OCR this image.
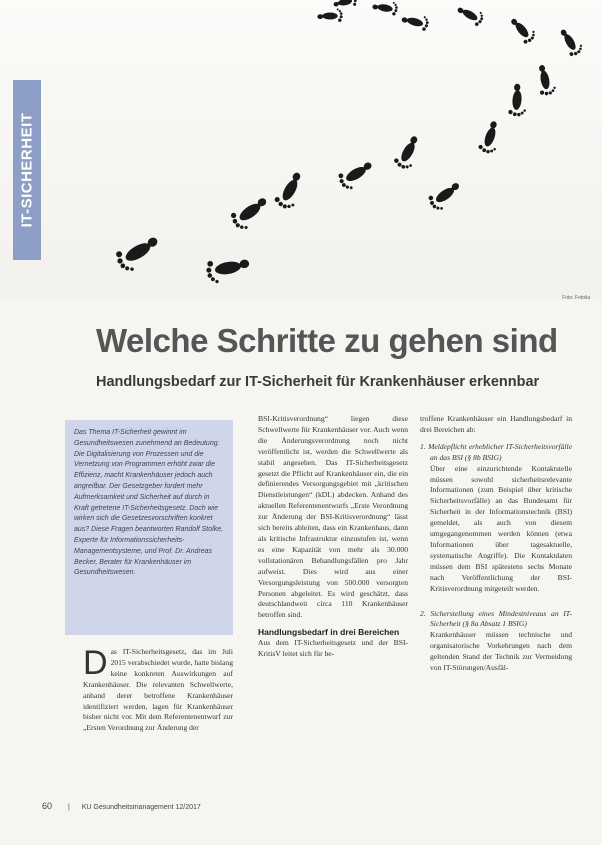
Foto: Fotolia
IT-SICHERHEIT
Welche Schritte zu gehen sind
Handlungsbedarf zur IT-Sicherheit für Krankenhäuser erkennbar
Das Thema IT-Sicherheit gewinnt im Gesundheitswesen zunehmend an Bedeutung. Die Digitalisierung von Prozessen und die Vernetzung von Programmen erhöht zwar die Effizienz, macht Krankenhäuser jedoch auch angreifbar. Der Gesetzgeber fordert mehr Aufmerksamkeit und Sicherheit auf durch in Kraft getretene IT-Sicherheitsgesetz. Doch wie wirken sich die Gesetzesvorschriften konkret aus? Diese Fragen beantworten Randolf Stolke, Experte für Informationssicherheits-Managementsysteme, und Prof. Dr. Andreas Becker, Berater für Krankenhäuser im Gesundheitswesen.
D as IT-Sicherheitsgesetz, das im Juli 2015 verabschiedet wurde, hatte bislang keine konkreten Auswirkungen auf Krankenhäuser. Die relevanten Schwellwerte, anhand derer betroffene Krankenhäuser identifiziert werden, lagen für Krankenhäuser bisher nicht vor. Mit dem Referentenentwurf zur „Ersten Verordnung zur Änderung der
BSI-Kritisverordnung“ liegen diese Schwellwerte für Krankenhäuser vor. Auch wenn die Änderungsverordnung noch nicht veröffentlicht ist, werden die Schwellwerte als stabil angesehen. Das IT-Sicherheitsgesetz gesetzt die Pflicht auf Krankenhäuser ein, die ein definierendes Versorgungsgebiet mit „kritischen Dienstleistungen“ (kDL) abdecken. Anhand des aktuellen Referentenentwurfs „Erste Verordnung zur Änderung der BSI-Kritisverordnung“ lässt sich bereits ableiten, dass ein Krankenhaus, dann als kritische Infrastruktur einzustufen ist, wenn es eine Kapazität von mehr als 30.000 vollstationären Behandlungsfällen pro Jahr aufweist. Dies wird aus einer Versorgungsleistung von 500.000 versorgten Personen abgeleitet. Es wird geschätzt, dass deutschlandweit circa 110 Krankenhäuser betroffen sind.
Handlungsbedarf in drei Bereichen
Aus dem IT-Sicherheitsgesetz und der BSI-KritisV leitet sich für be-
troffene Krankenhäuser ein Handlungsbedarf in drei Bereichen ab:
1. Meldepflicht erheblicher IT-Sicherheitsvorfälle an das BSI (§ 8b BSIG)
Über eine einzurichtende Kontaktstelle müssen sowohl sicherheitsrelevante Informationen (zum Beispiel über kritische Sicherheitsvorfälle) an das Bundesamt für Sicherheit in der Informationstechnik (BSI) gemeldet, als auch von diesem umgegangenommen werden können (etwa Informationen über tagesaktuelle, systematische Angriffe). Die Kontaktdaten müssen dem BSI spätestens sechs Monate nach Veröffentlichung der BSI-Kritisverordnung mitgeteilt werden.
2. Sicherstellung eines Mindestniveaus an IT-Sicherheit (§ 8a Absatz 1 BSIG)
Krankenhäuser müssen technische und organisatorische Vorkehrungen nach dem geltenden Stand der Technik zur Vermeidung von IT-Störungen/Ausfäl-
60 | KU Gesundheitsmanagement 12/2017
